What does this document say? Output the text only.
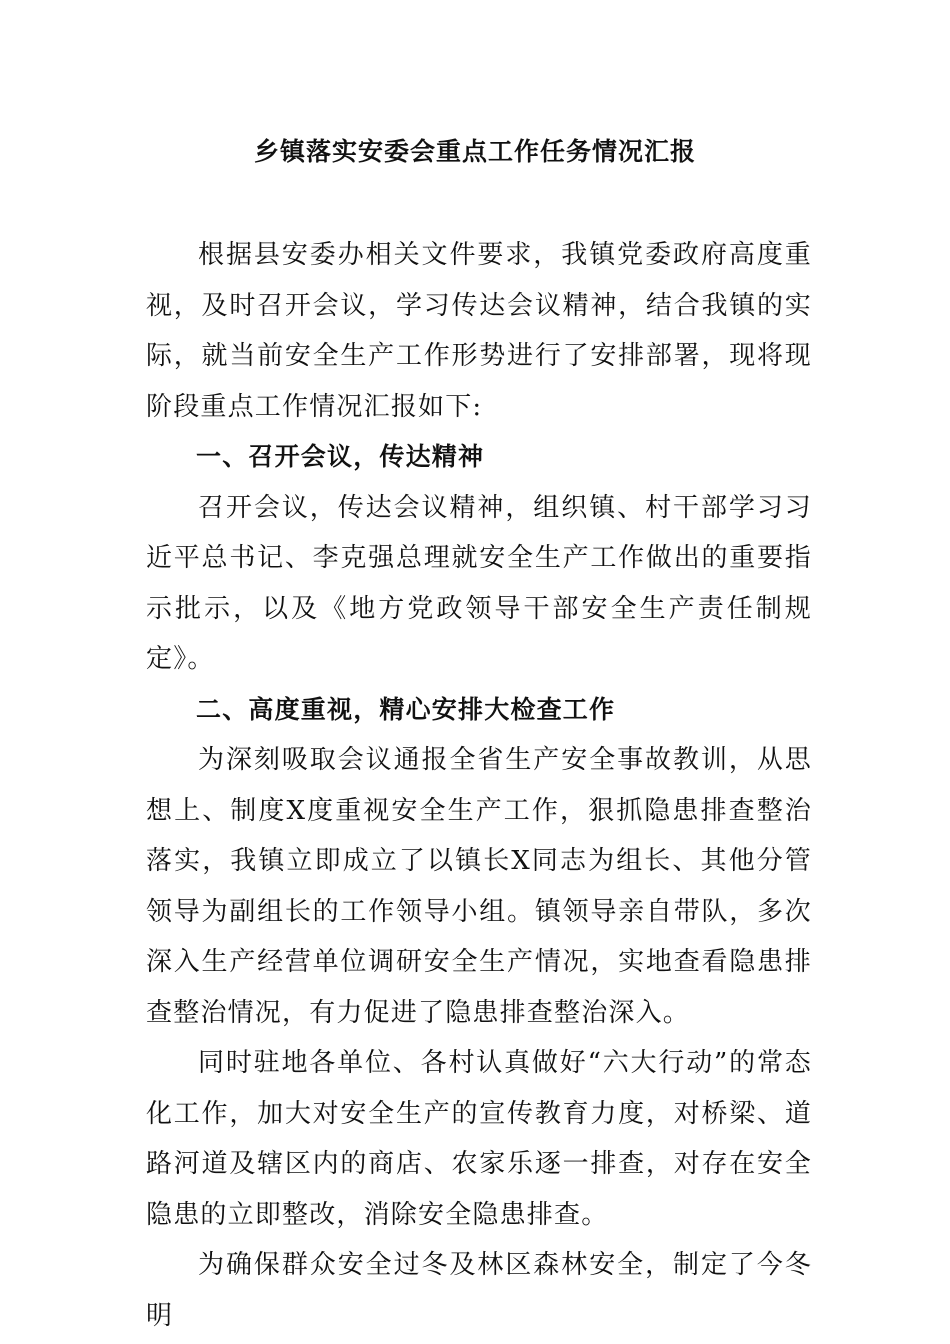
乡镇落实安委会重点工作任务情况汇报

根据县安委办相关文件要求，我镇党委政府高度重视，及时召开会议，学习传达会议精神，结合我镇的实际，就当前安全生产工作形势进行了安排部署，现将现阶段重点工作情况汇报如下:

一、召开会议，传达精神

召开会议，传达会议精神，组织镇、村干部学习习近平总书记、李克强总理就安全生产工作做出的重要指示批示，以及《地方党政领导干部安全生产责任制规定》。

二、高度重视，精心安排大检查工作

为深刻吸取会议通报全省生产安全事故教训，从思想上、制度X度重视安全生产工作，狠抓隐患排查整治落实，我镇立即成立了以镇长X同志为组长、其他分管领导为副组长的工作领导小组。镇领导亲自带队，多次深入生产经营单位调研安全生产情况，实地查看隐患排查整治情况，有力促进了隐患排查整治深入。

同时驻地各单位、各村认真做好“六大行动”的常态化工作，加大对安全生产的宣传教育力度，对桥梁、道路河道及辖区内的商店、农家乐逐一排查，对存在安全隐患的立即整改，消除安全隐患排查。

为确保群众安全过冬及林区森林安全，制定了今冬明
